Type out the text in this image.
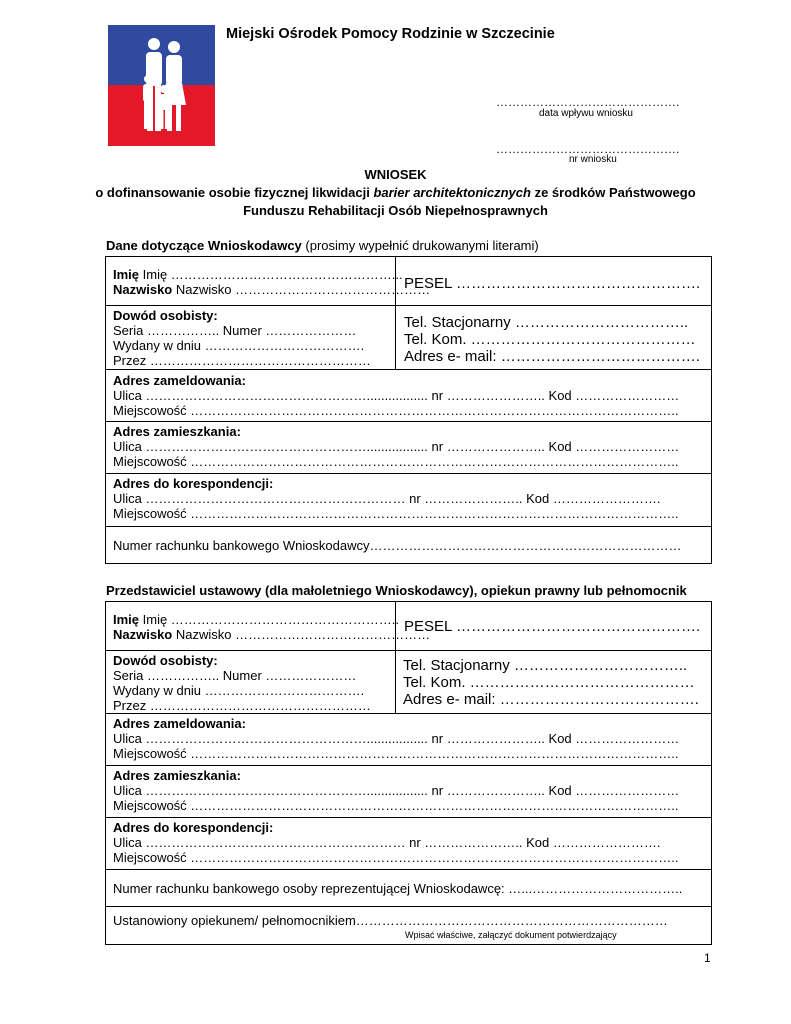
Miejski Ośrodek Pomocy Rodzinie w Szczecinie
……………………………………….
data wpływu wniosku
……………………………………….
nr wniosku
WNIOSEK
o dofinansowanie osobie fizycznej likwidacji barier architektonicznych ze środków Państwowego
Funduszu Rehabilitacji Osób Niepełnosprawnych
Dane dotyczące Wnioskodawcy (prosimy wypełnić drukowanymi literami)
Imię Imię ……………………………………………...
Nazwisko Nazwisko ………………………………………
PESEL ………………………………………….
Dowód osobisty:
Seria …………….. Numer …………………
Wydany w dniu ……………………………….
Przez ……………………………………………
Tel. Stacjonarny ……………………………..
Tel. Kom. ………………………………………
Adres e- mail: ………………………………….
Adres zameldowania:
Ulica ……………………………………………................. nr ………………….. Kod ……………………
Miejscowość …………………………………………………………………………………………………..
Adres zamieszkania:
Ulica ……………………………………………................. nr ………………….. Kod ……………………
Miejscowość …………………………………………………………………………………………………..
Adres do korespondencji:
Ulica …………………………………………………… nr ………………….. Kod …………………….
Miejscowość …………………………………………………………………………………………………..
Numer rachunku bankowego Wnioskodawcy………………………………………………………………
Przedstawiciel ustawowy (dla małoletniego Wnioskodawcy), opiekun prawny lub pełnomocnik
Imię Imię ……………………………………………..
Nazwisko Nazwisko ………………………………………
PESEL ………………………………………….
Dowód osobisty:
Seria …………….. Numer …………………
Wydany w dniu ……………………………….
Przez ……………………………………………
Tel. Stacjonarny ……………………………..
Tel. Kom. ………………………………………
Adres e- mail: ………………………………….
Adres zameldowania:
Ulica ……………………………………………................. nr ………………….. Kod ……………………
Miejscowość …………………………………………………………………………………………………..
Adres zamieszkania:
Ulica ……………………………………………................. nr ………………….. Kod ……………………
Miejscowość …………………………………………………………………………………………………..
Adres do korespondencji:
Ulica …………………………………………………… nr ………………….. Kod …………………….
Miejscowość …………………………………………………………………………………………………..
Numer rachunku bankowego osoby reprezentującej Wnioskodawcę: …...……………………………..
Ustanowiony opiekunem/ pełnomocnikiem………………………………………………………………
Wpisać właściwe, załączyć dokument potwierdzający
1
